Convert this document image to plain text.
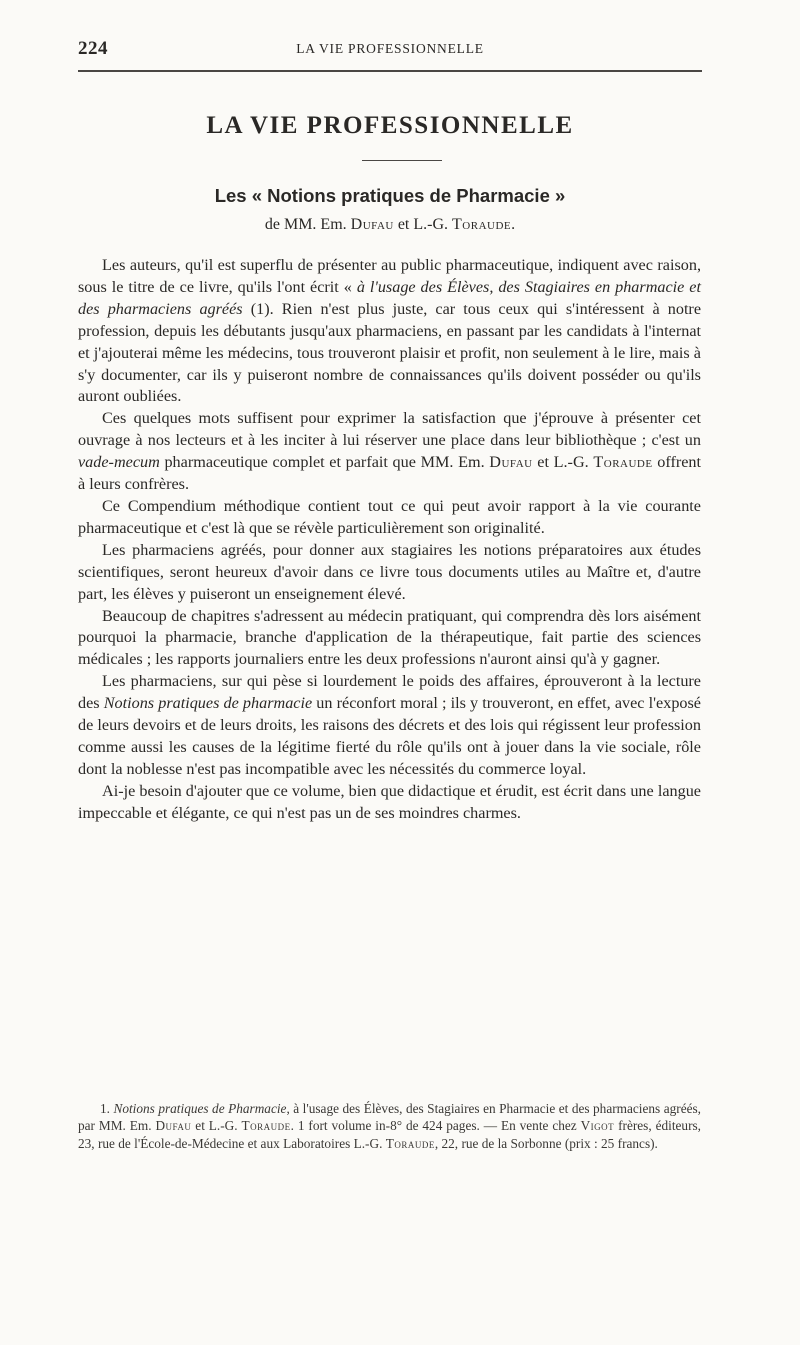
224	LA VIE PROFESSIONNELLE
LA VIE PROFESSIONNELLE
Les « Notions pratiques de Pharmacie »
de MM. Em. Dufau et L.-G. Toraude.

Les auteurs, qu'il est superflu de présenter au public pharmaceutique, indiquent avec raison, sous le titre de ce livre, qu'ils l'ont écrit « à l'usage des Élèves, des Stagiaires en pharmacie et des pharmaciens agréés (1). Rien n'est plus juste, car tous ceux qui s'intéressent à notre profession, depuis les débutants jusqu'aux pharmaciens, en passant par les candidats à l'internat et j'ajouterai même les médecins, tous trouveront plaisir et profit, non seulement à le lire, mais à s'y documenter, car ils y puiseront nombre de connaissances qu'ils doivent posséder ou qu'ils auront oubliées.

Ces quelques mots suffisent pour exprimer la satisfaction que j'éprouve à présenter cet ouvrage à nos lecteurs et à les inciter à lui réserver une place dans leur bibliothèque ; c'est un vade-mecum pharmaceutique complet et parfait que MM. Em. Dufau et L.-G. Toraude offrent à leurs confrères.

Ce Compendium méthodique contient tout ce qui peut avoir rapport à la vie courante pharmaceutique et c'est là que se révèle particulièrement son originalité.

Les pharmaciens agréés, pour donner aux stagiaires les notions préparatoires aux études scientifiques, seront heureux d'avoir dans ce livre tous documents utiles au Maître et, d'autre part, les élèves y puiseront un enseignement élevé.

Beaucoup de chapitres s'adressent au médecin pratiquant, qui comprendra dès lors aisément pourquoi la pharmacie, branche d'application de la thérapeutique, fait partie des sciences médicales ; les rapports journaliers entre les deux professions n'auront ainsi qu'à y gagner.

Les pharmaciens, sur qui pèse si lourdement le poids des affaires, éprouveront à la lecture des Notions pratiques de pharmacie un réconfort moral ; ils y trouveront, en effet, avec l'exposé de leurs devoirs et de leurs droits, les raisons des décrets et des lois qui régissent leur profession comme aussi les causes de la légitime fierté du rôle qu'ils ont à jouer dans la vie sociale, rôle dont la noblesse n'est pas incompatible avec les nécessités du commerce loyal.

Ai-je besoin d'ajouter que ce volume, bien que didactique et érudit, est écrit dans une langue impeccable et élégante, ce qui n'est pas un de ses moindres charmes.

1. Notions pratiques de Pharmacie, à l'usage des Élèves, des Stagiaires en Pharmacie et des pharmaciens agréés, par MM. Em. Dufau et L.-G. Toraude. 1 fort volume in-8° de 424 pages. — En vente chez Vigot frères, éditeurs, 23, rue de l'École-de-Médecine et aux Laboratoires L.-G. Toraude, 22, rue de la Sorbonne (prix : 25 francs).
